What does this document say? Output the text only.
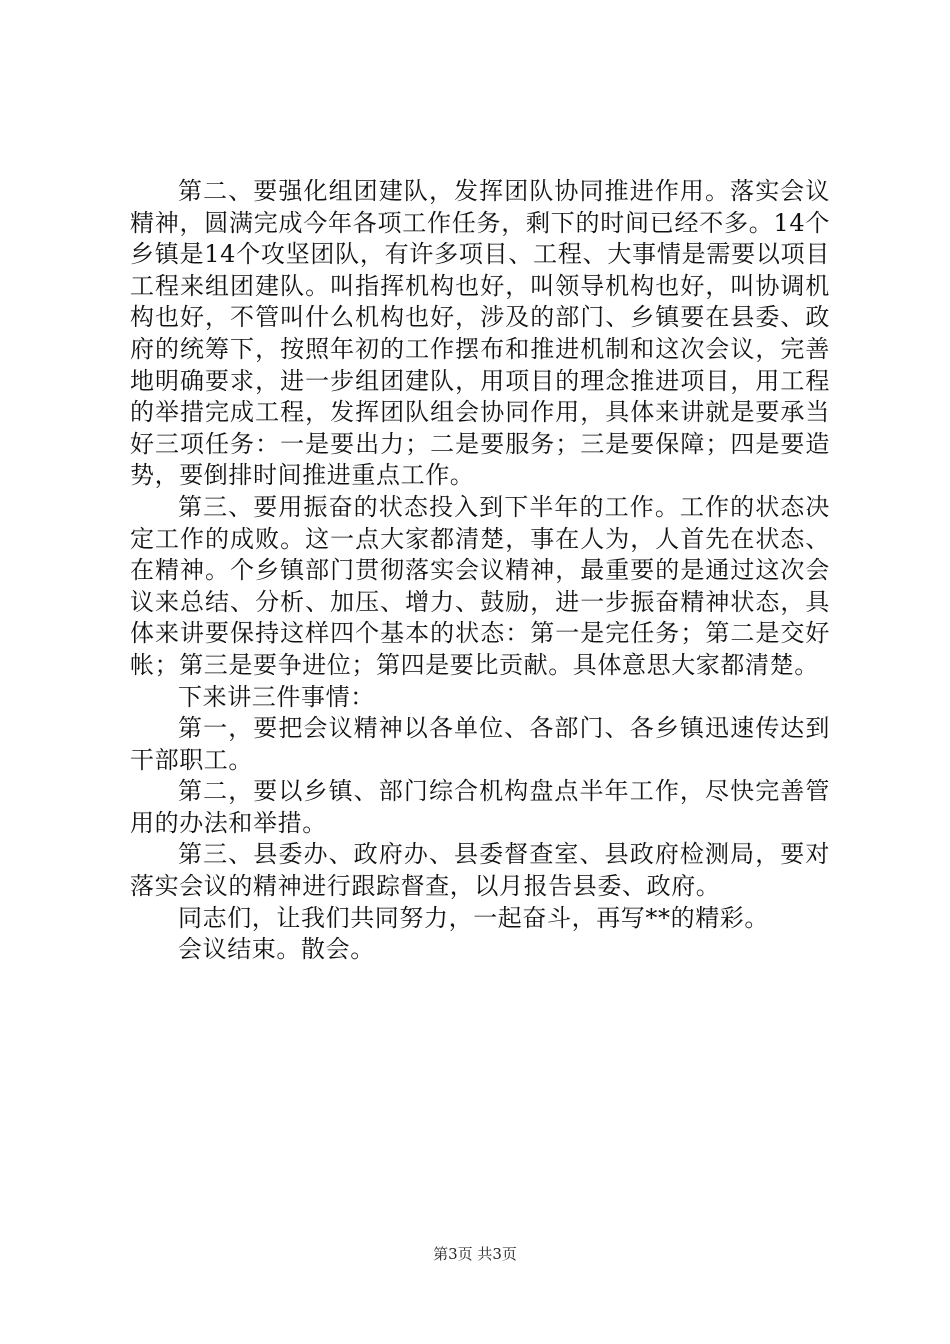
第二、要强化组团建队，发挥团队协同推进作用。落实会议精神，圆满完成今年各项工作任务，剩下的时间已经不多。14个乡镇是14个攻坚团队，有许多项目、工程、大事情是需要以项目工程来组团建队。叫指挥机构也好，叫领导机构也好，叫协调机构也好，不管叫什么机构也好，涉及的部门、乡镇要在县委、政府的统筹下，按照年初的工作摆布和推进机制和这次会议，完善地明确要求，进一步组团建队，用项目的理念推进项目，用工程的举措完成工程，发挥团队组会协同作用，具体来讲就是要承当好三项任务：一是要出力；二是要服务；三是要保障；四是要造势，要倒排时间推进重点工作。

第三、要用振奋的状态投入到下半年的工作。工作的状态决定工作的成败。这一点大家都清楚，事在人为，人首先在状态、在精神。个乡镇部门贯彻落实会议精神，最重要的是通过这次会议来总结、分析、加压、增力、鼓励，进一步振奋精神状态，具体来讲要保持这样四个基本的状态：第一是完任务；第二是交好帐；第三是要争进位；第四是要比贡献。具体意思大家都清楚。

下来讲三件事情：

第一，要把会议精神以各单位、各部门、各乡镇迅速传达到干部职工。

第二，要以乡镇、部门综合机构盘点半年工作，尽快完善管用的办法和举措。

第三、县委办、政府办、县委督查室、县政府检测局，要对落实会议的精神进行跟踪督查，以月报告县委、政府。

同志们，让我们共同努力，一起奋斗，再写**的精彩。

会议结束。散会。

第3页 共3页
